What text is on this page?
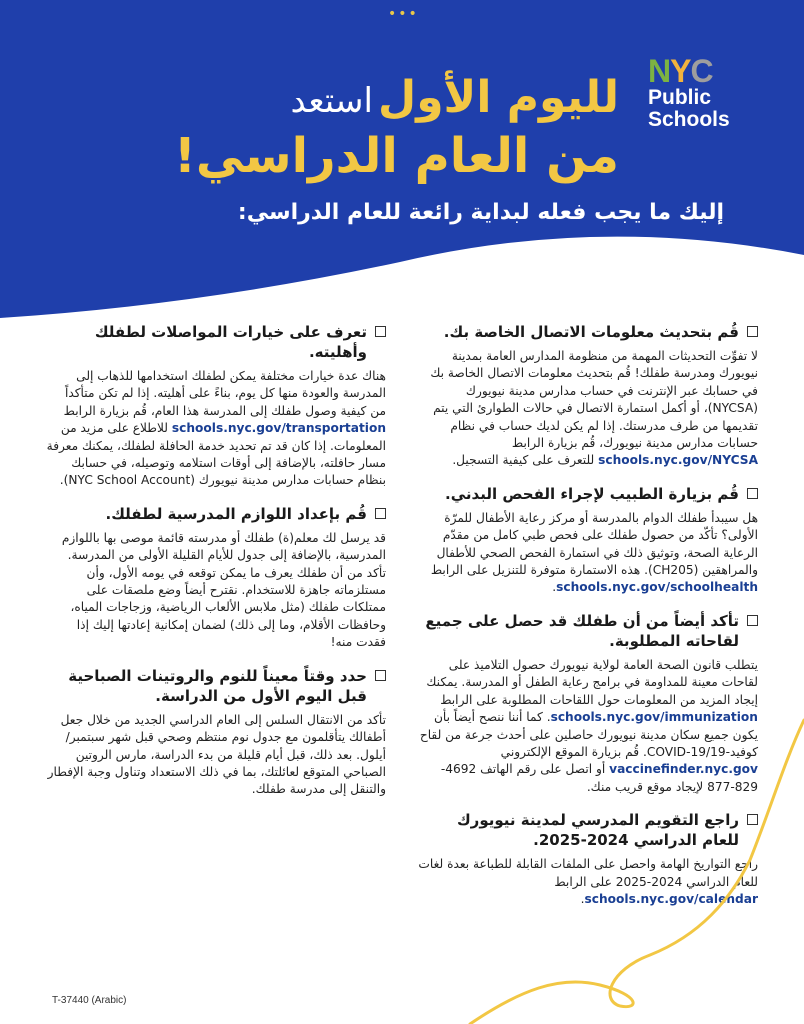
•••
NYC
Public
Schools
لليوم الأول استعد
من العام الدراسي!
إليك ما يجب فعله لبداية رائعة للعام الدراسي:
قُم بتحديث معلومات الاتصال الخاصة بك.
لا تفوِّت التحديثات المهمة من منظومة المدارس العامة بمدينة نيويورك ومدرسة طفلك! قُم بتحديث معلومات الاتصال الخاصة بك في حسابك عبر الإنترنت في حساب مدارس مدينة نيويورك (NYCSA)، أو أكمل استمارة الاتصال في حالات الطوارئ التي يتم تقديمها من طرف مدرستك. إذا لم يكن لديك حساب في نظام حسابات مدارس مدينة نيويورك، قُم بزيارة الرابط schools.nyc.gov/NYCSA للتعرف على كيفية التسجيل.
قُم بزيارة الطبيب لإجراء الفحص البدني.
هل سيبدأ طفلك الدوام بالمدرسة أو مركز رعاية الأطفال للمرّة الأولى؟ تأكّد من حصول طفلك على فحص طبي كامل من مقدّم الرعاية الصحة، وتوثيق ذلك في استمارة الفحص الصحي للأطفال والمراهقين (CH205). هذه الاستمارة متوفرة للتنزيل على الرابط schools.nyc.gov/schoolhealth.
تأكد أيضاً من أن طفلك قد حصل على جميع لقاحاته المطلوبة.
يتطلب قانون الصحة العامة لولاية نيويورك حصول التلاميذ على لقاحات معينة للمداومة في برامج رعاية الطفل أو المدرسة. يمكنك إيجاد المزيد من المعلومات حول اللقاحات المطلوبة على الرابط schools.nyc.gov/immunization. كما أننا ننصح أيضاً بأن يكون جميع سكان مدينة نيويورك حاصلين على أحدث جرعة من لقاح كوفيد-COVID-19/19. قُم بزيارة الموقع الإلكتروني vaccinefinder.nyc.gov أو اتصل على رقم الهاتف 4692-829-877 لإيجاد موقع قريب منك.
راجع التقويم المدرسي لمدينة نيويورك للعام الدراسي 2024-2025.
راجع التواريخ الهامة واحصل على الملفات القابلة للطباعة بعدة لغات للعام الدراسي 2024-2025 على الرابط schools.nyc.gov/calendar.
تعرف على خيارات المواصلات لطفلك وأهليته.
هناك عدة خيارات مختلفة يمكن لطفلك استخدامها للذهاب إلى المدرسة والعودة منها كل يوم، بناءً على أهليته. إذا لم تكن متأكداً من كيفية وصول طفلك إلى المدرسة هذا العام، قُم بزيارة الرابط schools.nyc.gov/transportation للاطلاع على مزيد من المعلومات. إذا كان قد تم تحديد خدمة الحافلة لطفلك، يمكنك معرفة مسار حافلته، بالإضافة إلى أوقات استلامه وتوصيله، في حسابك بنظام حسابات مدارس مدينة نيويورك (NYC School Account).
قُم بإعداد اللوازم المدرسية لطفلك.
قد يرسل لك معلم(ة) طفلك أو مدرسته قائمة موصى بها باللوازم المدرسية، بالإضافة إلى جدول للأيام القليلة الأولى من المدرسة. تأكد من أن طفلك يعرف ما يمكن توقعه في يومه الأول، وأن مستلزماته جاهزة للاستخدام. نقترح أيضاً وضع ملصقات على ممتلكات طفلك (مثل ملابس الألعاب الرياضية، وزجاجات المياه، وحافظات الأقلام، وما إلى ذلك) لضمان إمكانية إعادتها إليك إذا فقدت منه!
حدد وقتاً معيناً للنوم والروتينات الصباحية قبل اليوم الأول من الدراسة.
تأكد من الانتقال السلس إلى العام الدراسي الجديد من خلال جعل أطفالك يتأقلمون مع جدول نوم منتظم وصحي قبل شهر سبتمبر/ أيلول. بعد ذلك، قبل أيام قليلة من بدء الدراسة، مارس الروتين الصباحي المتوقع لعائلتك، بما في ذلك الاستعداد وتناول وجبة الإفطار والتنقل إلى مدرسة طفلك.
T-37440 (Arabic)
